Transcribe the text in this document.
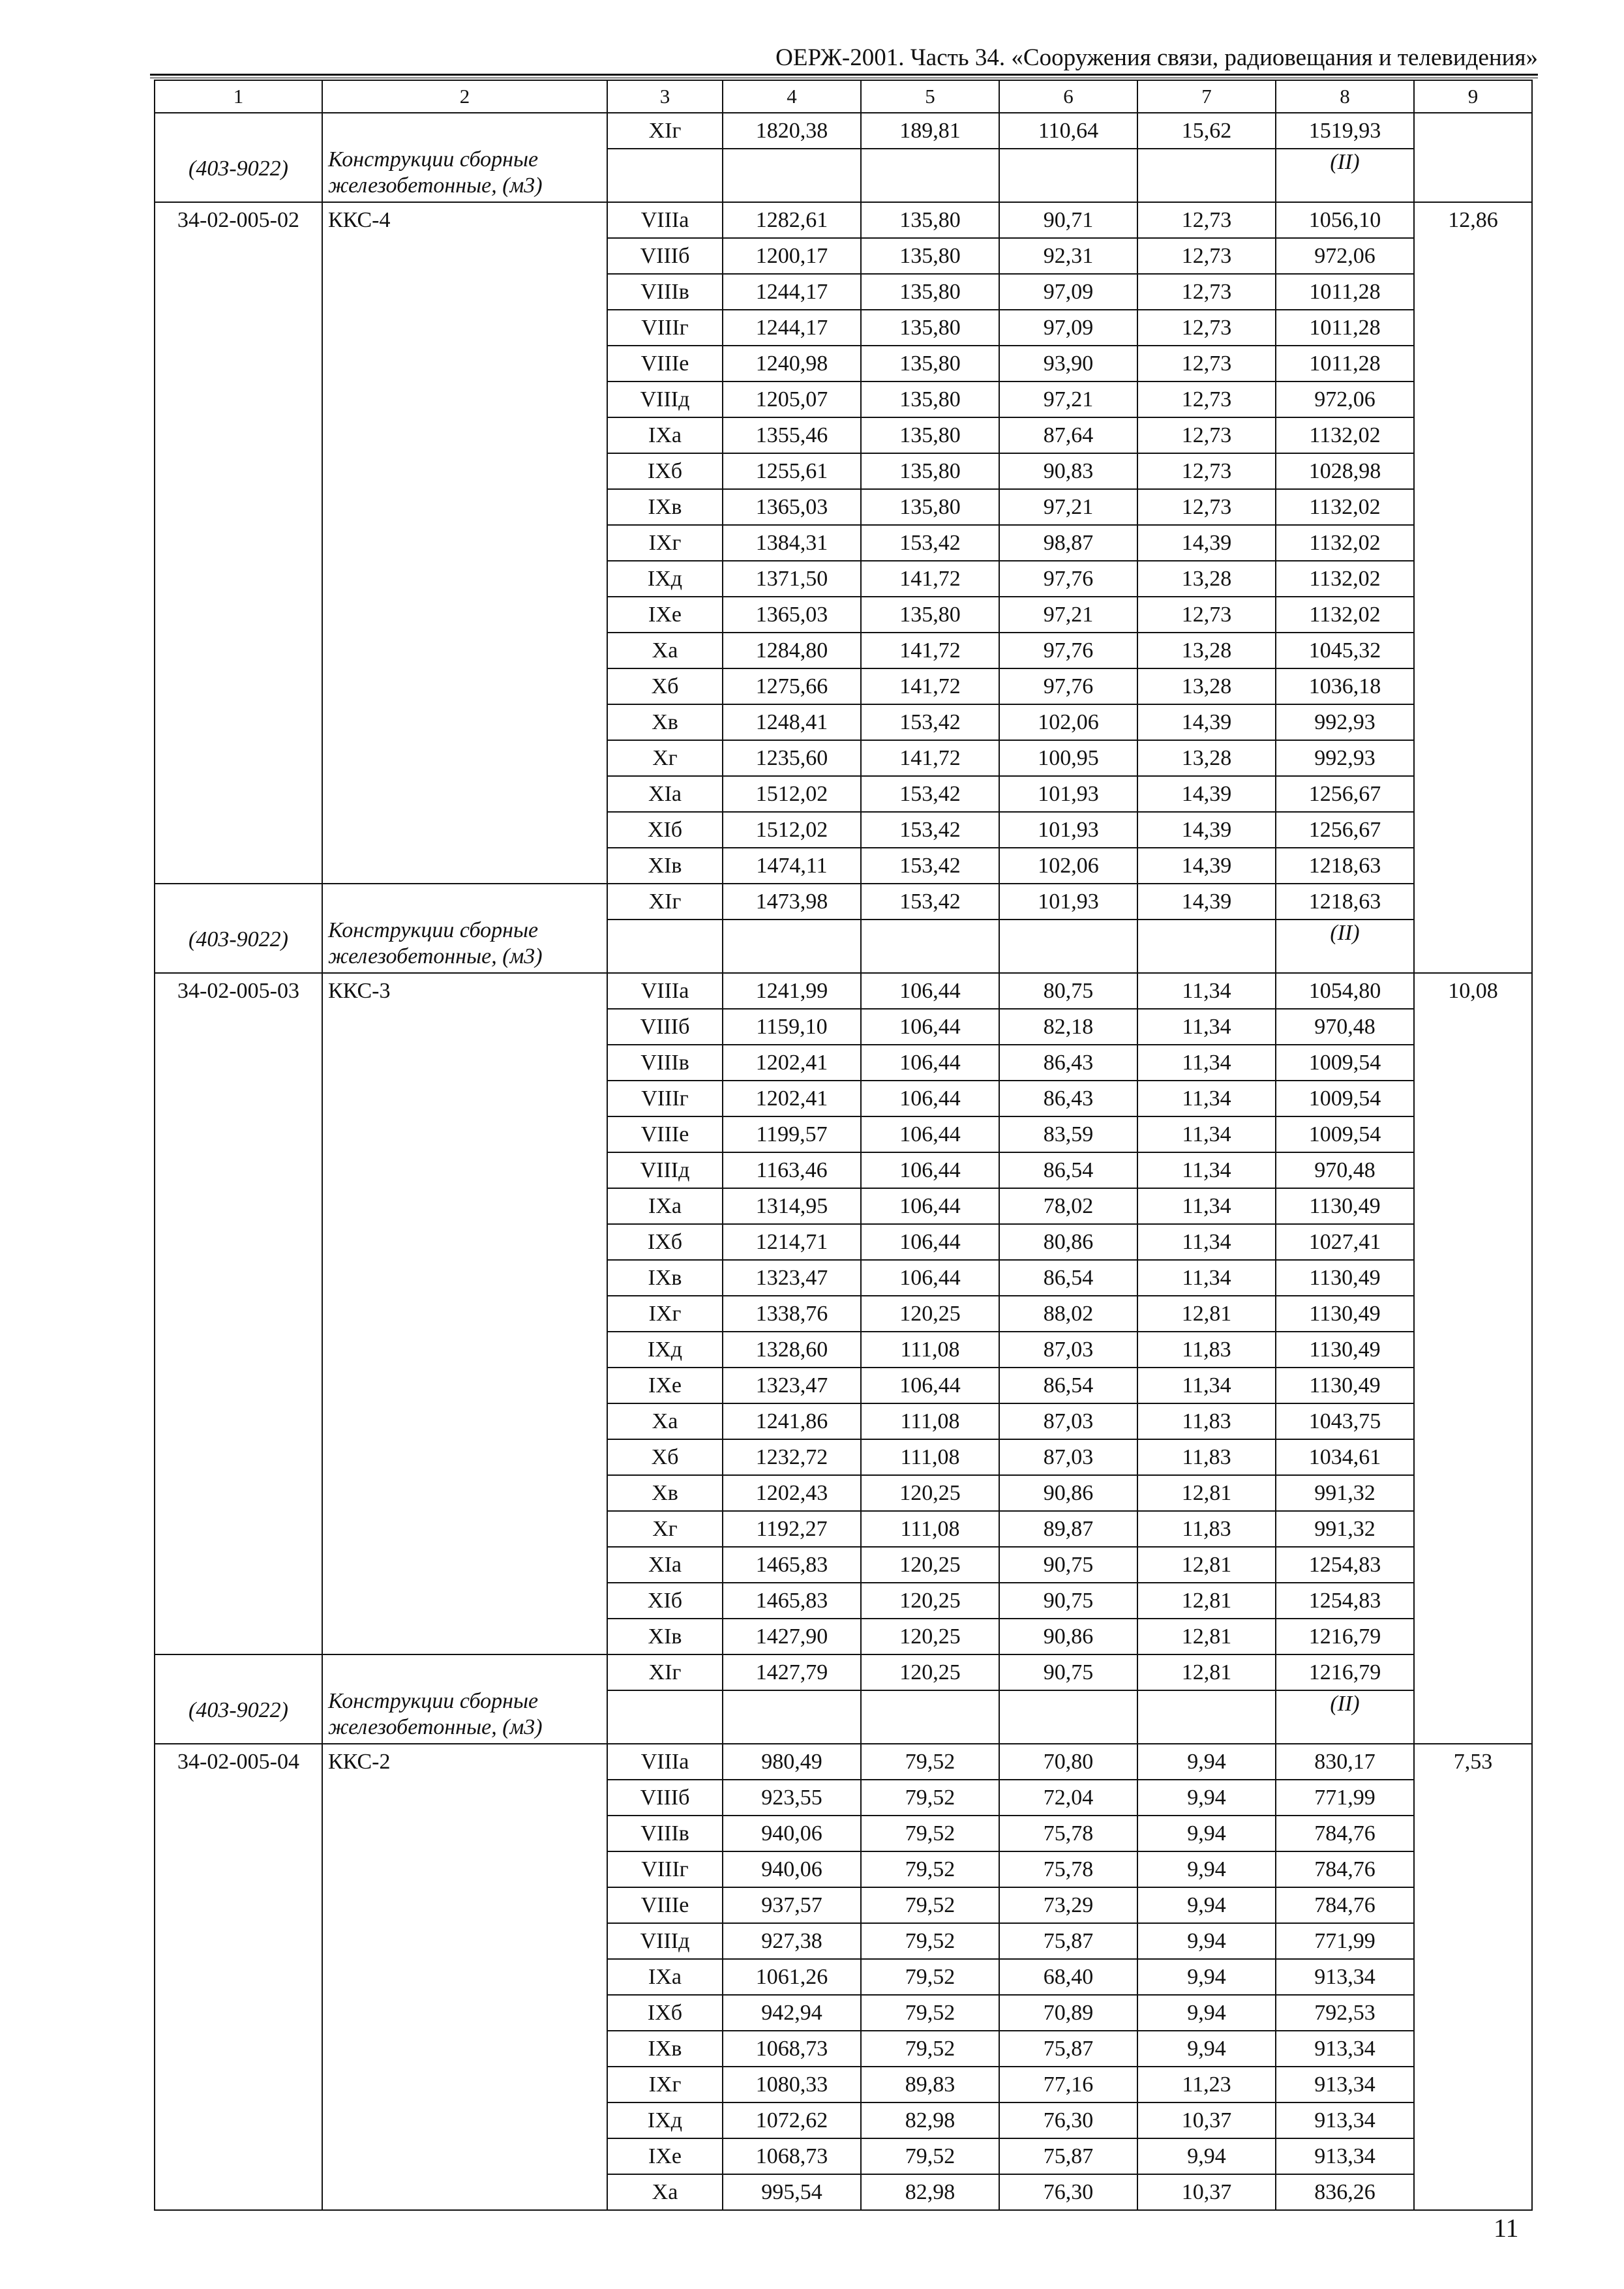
ОЕРЖ-2001. Часть 34. «Сооружения связи, радиовещания и телевидения»
1	2	3	4	5	6	7	8	9

(403-9022)	Конструкции сборные железобетонные, (м3)	XIг	1820,38	189,81	110,64	15,62	1519,93	

							(II)	

34-02-005-02	ККС-4	VIIIа	1282,61	135,80	90,71	12,73	1056,10	12,86
		VIIIб	1200,17	135,80	92,31	12,73	972,06	
		VIIIв	1244,17	135,80	97,09	12,73	1011,28	
		VIIIг	1244,17	135,80	97,09	12,73	1011,28	
		VIIIе	1240,98	135,80	93,90	12,73	1011,28	
		VIIIд	1205,07	135,80	97,21	12,73	972,06	
		IXа	1355,46	135,80	87,64	12,73	1132,02	
		IXб	1255,61	135,80	90,83	12,73	1028,98	
		IXв	1365,03	135,80	97,21	12,73	1132,02	
		IXг	1384,31	153,42	98,87	14,39	1132,02	
		IXд	1371,50	141,72	97,76	13,28	1132,02	
		IXе	1365,03	135,80	97,21	12,73	1132,02	
		Xа	1284,80	141,72	97,76	13,28	1045,32	
		Xб	1275,66	141,72	97,76	13,28	1036,18	
		Xв	1248,41	153,42	102,06	14,39	992,93	
		Xг	1235,60	141,72	100,95	13,28	992,93	
		XIа	1512,02	153,42	101,93	14,39	1256,67	
		XIб	1512,02	153,42	101,93	14,39	1256,67	
		XIв	1474,11	153,42	102,06	14,39	1218,63	

(403-9022)	Конструкции сборные железобетонные, (м3)	XIг	1473,98	153,42	101,93	14,39	1218,63	

							(II)	

34-02-005-03	ККС-3	VIIIа	1241,99	106,44	80,75	11,34	1054,80	10,08
		VIIIб	1159,10	106,44	82,18	11,34	970,48	
		VIIIв	1202,41	106,44	86,43	11,34	1009,54	
		VIIIг	1202,41	106,44	86,43	11,34	1009,54	
		VIIIе	1199,57	106,44	83,59	11,34	1009,54	
		VIIIд	1163,46	106,44	86,54	11,34	970,48	
		IXа	1314,95	106,44	78,02	11,34	1130,49	
		IXб	1214,71	106,44	80,86	11,34	1027,41	
		IXв	1323,47	106,44	86,54	11,34	1130,49	
		IXг	1338,76	120,25	88,02	12,81	1130,49	
		IXд	1328,60	111,08	87,03	11,83	1130,49	
		IXе	1323,47	106,44	86,54	11,34	1130,49	
		Xа	1241,86	111,08	87,03	11,83	1043,75	
		Xб	1232,72	111,08	87,03	11,83	1034,61	
		Xв	1202,43	120,25	90,86	12,81	991,32	
		Xг	1192,27	111,08	89,87	11,83	991,32	
		XIа	1465,83	120,25	90,75	12,81	1254,83	
		XIб	1465,83	120,25	90,75	12,81	1254,83	
		XIв	1427,90	120,25	90,86	12,81	1216,79	

(403-9022)	Конструкции сборные железобетонные, (м3)	XIг	1427,79	120,25	90,75	12,81	1216,79	

							(II)	

34-02-005-04	ККС-2	VIIIа	980,49	79,52	70,80	9,94	830,17	7,53
		VIIIб	923,55	79,52	72,04	9,94	771,99	
		VIIIв	940,06	79,52	75,78	9,94	784,76	
		VIIIг	940,06	79,52	75,78	9,94	784,76	
		VIIIе	937,57	79,52	73,29	9,94	784,76	
		VIIIд	927,38	79,52	75,87	9,94	771,99	
		IXа	1061,26	79,52	68,40	9,94	913,34	
		IXб	942,94	79,52	70,89	9,94	792,53	
		IXв	1068,73	79,52	75,87	9,94	913,34	
		IXг	1080,33	89,83	77,16	11,23	913,34	
		IXд	1072,62	82,98	76,30	10,37	913,34	
		IXе	1068,73	79,52	75,87	9,94	913,34	
		Xа	995,54	82,98	76,30	10,37	836,26	
11
